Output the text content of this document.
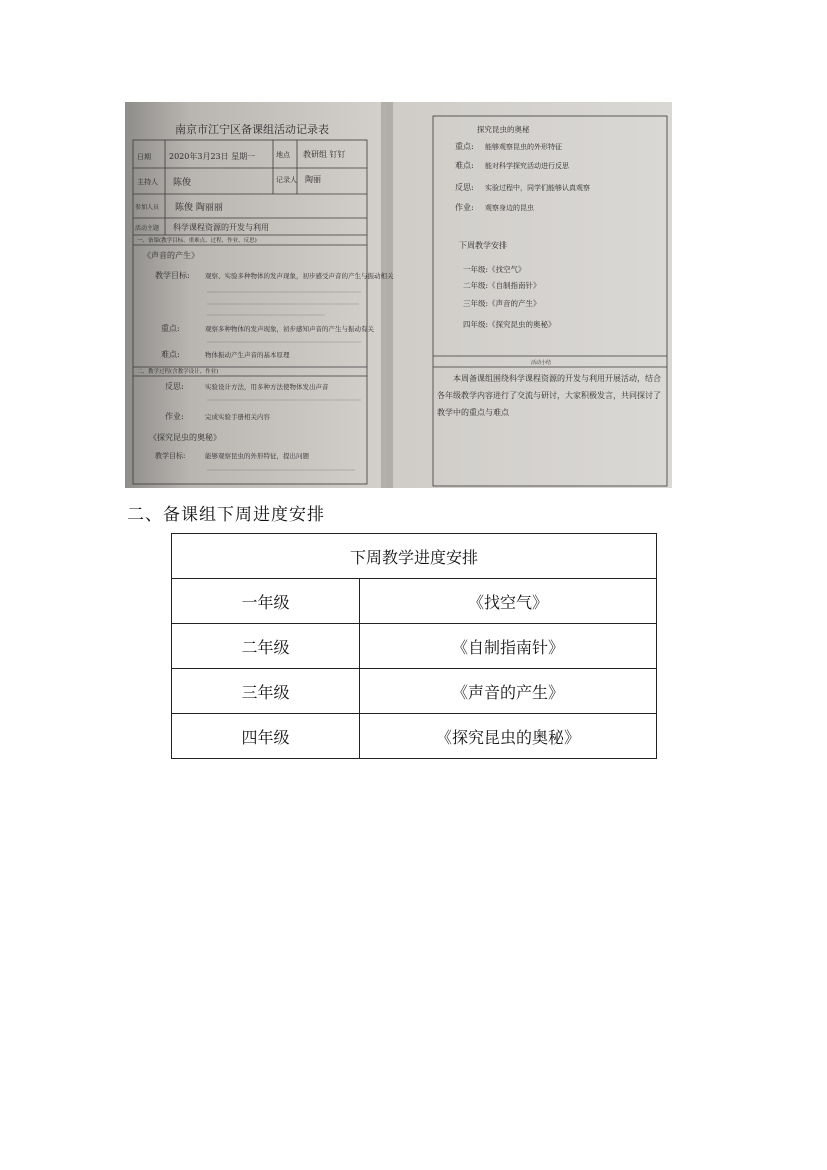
南京市江宁区备课组活动记录表
日期 2020年3月23日 星期一	地点 教研组 钉钉
主持人 陈俊	记录人 陶丽
参加人员 陈俊 陶丽丽
活动主题 科学课程资源的开发与利用
一、备课(教学目标、重难点、过程、作业、反思)
《声音的产生》
教学目标: 观察、实验多种物体的发声现象，初步感受声音的产生与振动相关
重点:	观察多种物体的发声现象，初步感知声音的产生与振动有关
难点:	物体振动产生声音的基本原理
二、教学过程(含教学设计、作业)
反思:	实验设计方法，用多种方法使物体发出声音
作业:	完成实验手册相关内容
《探究昆虫的奥秘》
教学目标:	能够观察昆虫的外形特征，提出问题
探究昆虫的奥秘
重点: 能够观察昆虫的外形特征
难点: 能对科学探究活动进行反思
反思: 实验过程中，同学们能够认真观察
作业: 观察身边的昆虫
下周教学安排
一年级:《找空气》
二年级:《自制指南针》
三年级:《声音的产生》
四年级:《探究昆虫的奥秘》
活动小结
本周备课组围绕科学课程资源的开发与利用开展活动，结合各年级教学内容进行了交流与研讨，大家积极发言，共同探讨了教学中的重点与难点
二、备课组下周进度安排
下周教学进度安排	
一年级	《找空气》
二年级	《自制指南针》
三年级	《声音的产生》
四年级	《探究昆虫的奥秘》
